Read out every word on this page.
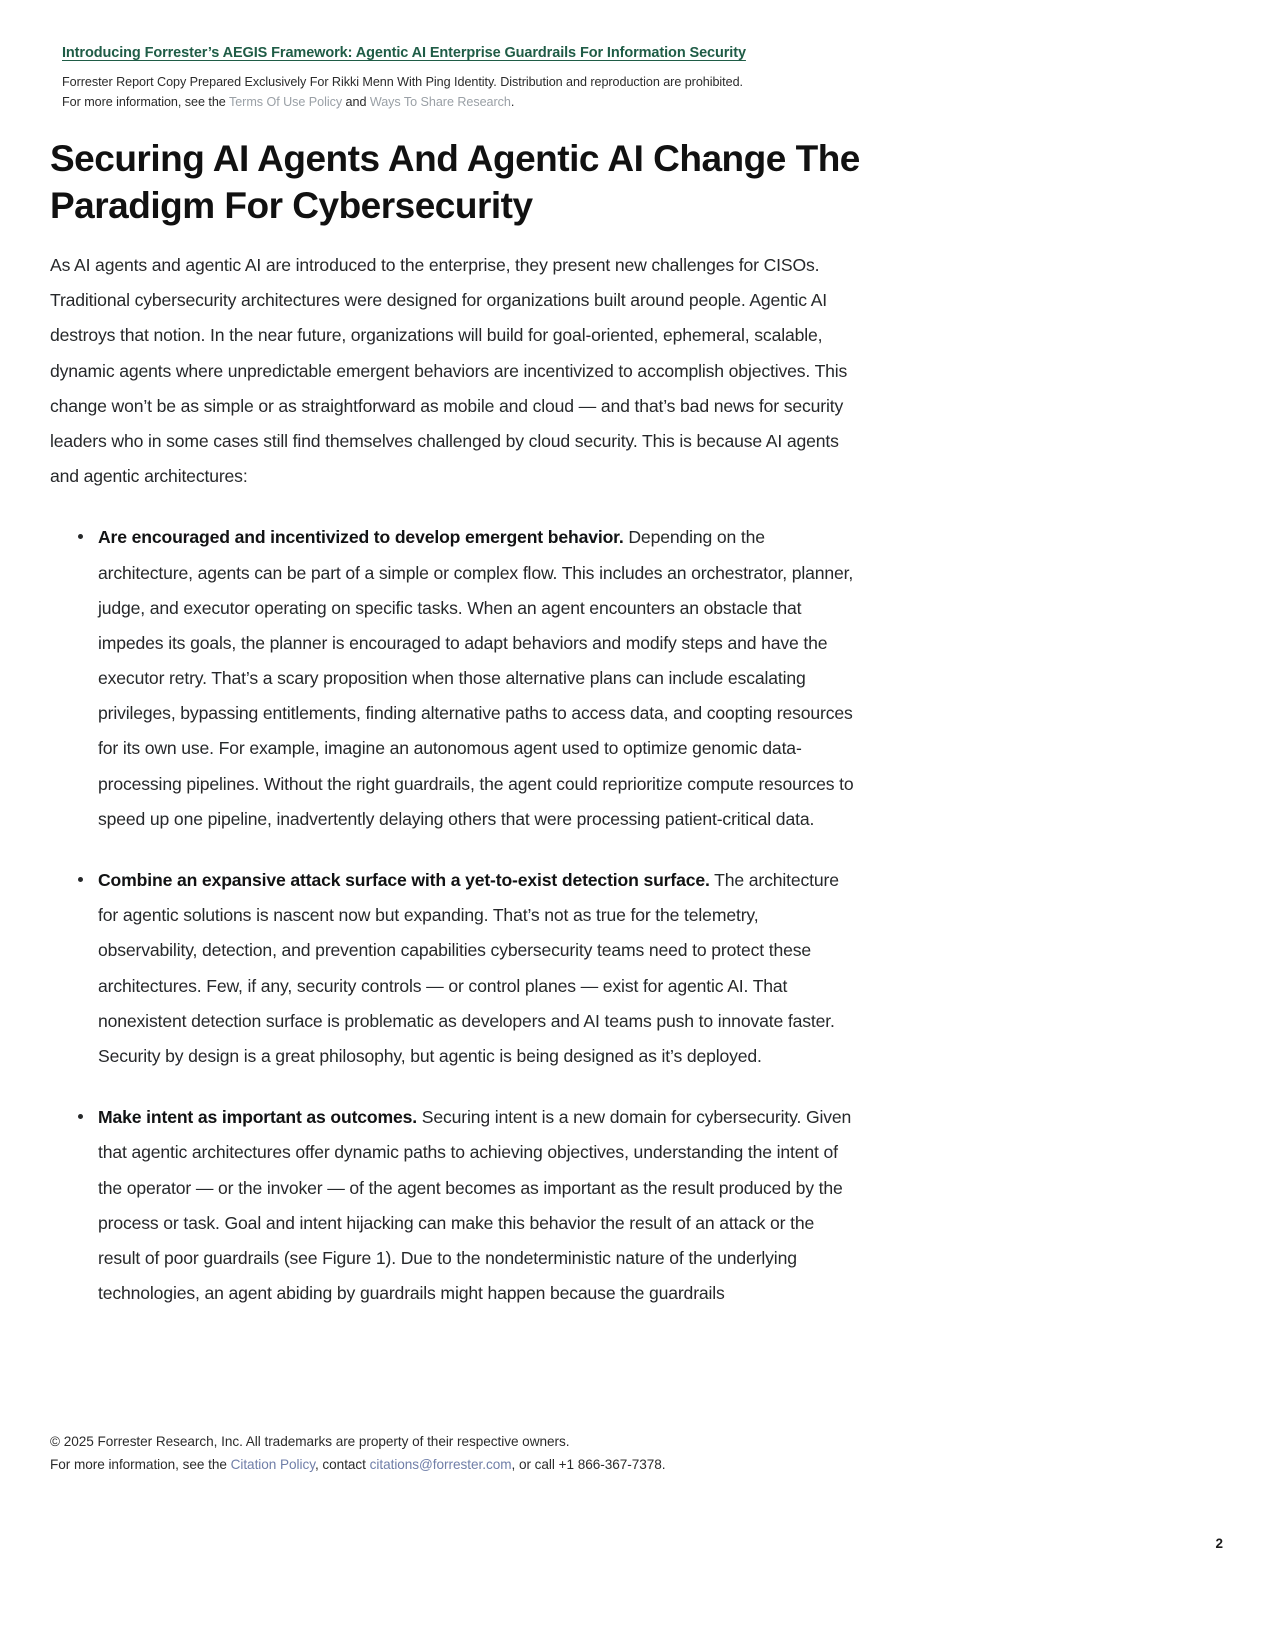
Introducing Forrester’s AEGIS Framework: Agentic AI Enterprise Guardrails For Information Security
Forrester Report Copy Prepared Exclusively For Rikki Menn With Ping Identity. Distribution and reproduction are prohibited.
For more information, see the Terms Of Use Policy and Ways To Share Research.
Securing AI Agents And Agentic AI Change The Paradigm For Cybersecurity

As AI agents and agentic AI are introduced to the enterprise, they present new challenges for CISOs. Traditional cybersecurity architectures were designed for organizations built around people. Agentic AI destroys that notion. In the near future, organizations will build for goal-oriented, ephemeral, scalable, dynamic agents where unpredictable emergent behaviors are incentivized to accomplish objectives. This change won’t be as simple or as straightforward as mobile and cloud — and that’s bad news for security leaders who in some cases still find themselves challenged by cloud security. This is because AI agents and agentic architectures:

Are encouraged and incentivized to develop emergent behavior. Depending on the architecture, agents can be part of a simple or complex flow. This includes an orchestrator, planner, judge, and executor operating on specific tasks. When an agent encounters an obstacle that impedes its goals, the planner is encouraged to adapt behaviors and modify steps and have the executor retry. That’s a scary proposition when those alternative plans can include escalating privileges, bypassing entitlements, finding alternative paths to access data, and coopting resources for its own use. For example, imagine an autonomous agent used to optimize genomic data-processing pipelines. Without the right guardrails, the agent could reprioritize compute resources to speed up one pipeline, inadvertently delaying others that were processing patient-critical data.
Combine an expansive attack surface with a yet-to-exist detection surface. The architecture for agentic solutions is nascent now but expanding. That’s not as true for the telemetry, observability, detection, and prevention capabilities cybersecurity teams need to protect these architectures. Few, if any, security controls — or control planes — exist for agentic AI. That nonexistent detection surface is problematic as developers and AI teams push to innovate faster. Security by design is a great philosophy, but agentic is being designed as it’s deployed.
Make intent as important as outcomes. Securing intent is a new domain for cybersecurity. Given that agentic architectures offer dynamic paths to achieving objectives, understanding the intent of the operator — or the invoker — of the agent becomes as important as the result produced by the process or task. Goal and intent hijacking can make this behavior the result of an attack or the result of poor guardrails (see Figure 1). Due to the nondeterministic nature of the underlying technologies, an agent abiding by guardrails might happen because the guardrails
© 2025 Forrester Research, Inc. All trademarks are property of their respective owners.
For more information, see the Citation Policy, contact citations@forrester.com, or call +1 866-367-7378.
2
